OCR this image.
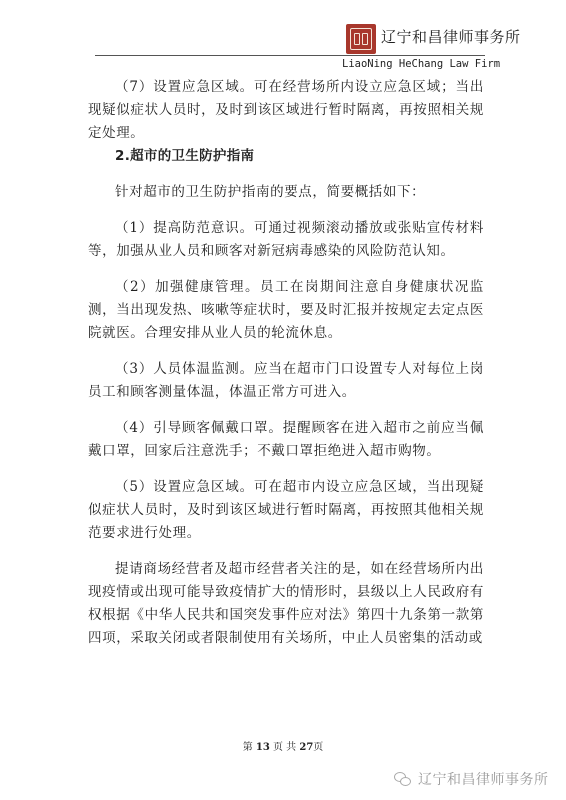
辽宁和昌律师事务所
LiaoNing HeChang Law Firm

（7）设置应急区域。可在经营场所内设立应急区域；当出现疑似症状人员时，及时到该区域进行暂时隔离，再按照相关规定处理。

2.超市的卫生防护指南

针对超市的卫生防护指南的要点，简要概括如下：

（1）提高防范意识。可通过视频滚动播放或张贴宣传材料等，加强从业人员和顾客对新冠病毒感染的风险防范认知。

（2）加强健康管理。员工在岗期间注意自身健康状况监测，当出现发热、咳嗽等症状时，要及时汇报并按规定去定点医院就医。合理安排从业人员的轮流休息。

（3）人员体温监测。应当在超市门口设置专人对每位上岗员工和顾客测量体温，体温正常方可进入。

（4）引导顾客佩戴口罩。提醒顾客在进入超市之前应当佩戴口罩，回家后注意洗手；不戴口罩拒绝进入超市购物。

（5）设置应急区域。可在超市内设立应急区域，当出现疑似症状人员时，及时到该区域进行暂时隔离，再按照其他相关规范要求进行处理。

提请商场经营者及超市经营者关注的是，如在经营场所内出现疫情或出现可能导致疫情扩大的情形时，县级以上人民政府有权根据《中华人民共和国突发事件应对法》第四十九条第一款第四项，采取关闭或者限制使用有关场所，中止人员密集的活动或

第 13 页 共 27页
辽宁和昌律师事务所
